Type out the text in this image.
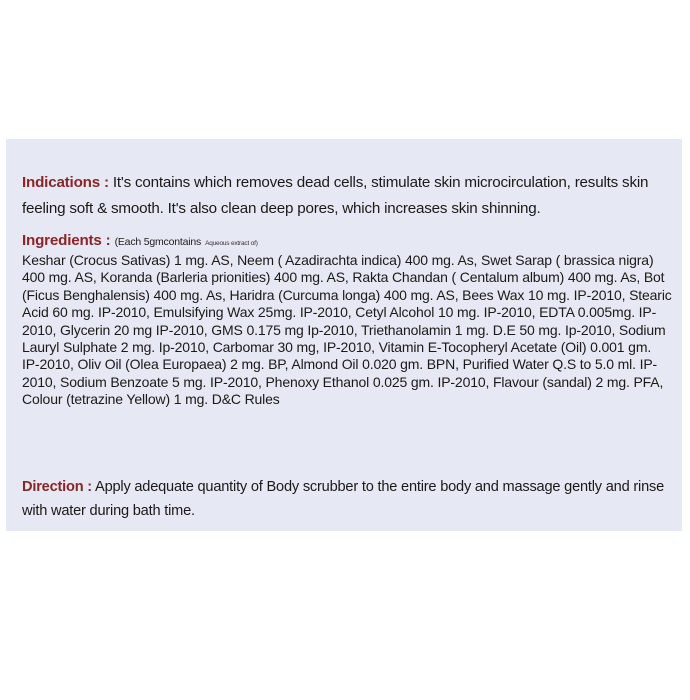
Indications : It's contains which removes dead cells, stimulate skin microcirculation, results skin feeling soft & smooth. It's also clean deep pores, which increases skin shinning.
Ingredients : (Each 5gmcontains Aqueous extract of)
Keshar (Crocus Sativas) 1 mg. AS, Neem ( Azadirachta indica) 400 mg. As, Swet Sarap ( brassica nigra) 400 mg. AS, Koranda (Barleria prionities) 400 mg. AS, Rakta Chandan ( Centalum album) 400 mg. As, Bot (Ficus Benghalensis) 400 mg. As, Haridra (Curcuma longa) 400 mg. AS, Bees Wax 10 mg. IP-2010, Stearic Acid 60 mg. IP-2010, Emulsifying Wax 25mg. IP-2010, Cetyl Alcohol 10 mg. IP-2010, EDTA 0.005mg. IP-2010, Glycerin 20 mg IP-2010, GMS 0.175 mg Ip-2010, Triethanolamin 1 mg. D.E 50 mg. Ip-2010, Sodium Lauryl Sulphate 2 mg. Ip-2010, Carbomar 30 mg, IP-2010, Vitamin E-Tocopheryl Acetate (Oil) 0.001 gm. IP-2010, Oliv Oil (Olea Europaea) 2 mg. BP, Almond Oil 0.020 gm. BPN, Purified Water Q.S to 5.0 ml. IP-2010, Sodium Benzoate 5 mg. IP-2010, Phenoxy Ethanol 0.025 gm. IP-2010, Flavour (sandal) 2 mg. PFA, Colour (tetrazine Yellow) 1 mg. D&C Rules
Direction : Apply adequate quantity of Body scrubber to the entire body and massage gently and rinse with water during bath time.
